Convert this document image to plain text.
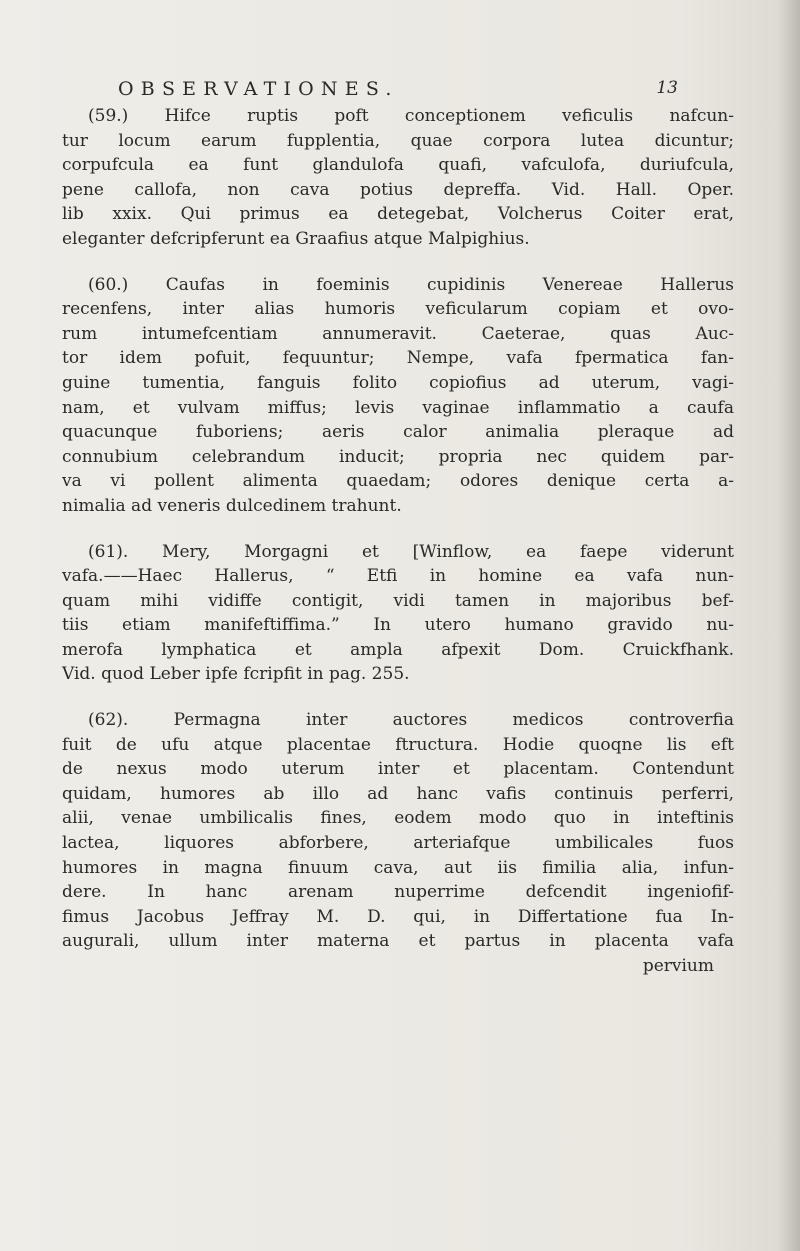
OBSERVATIONES.	13

(59.) Hifce ruptis poft conceptionem veficulis nafcun-
tur locum earum fupplentia, quae corpora lutea dicuntur;
corpufcula ea funt glandulofa quafi, vafculofa, duriufcula,
pene callofa, non cava potius depreffa. Vid. Hall. Oper.
lib xxix. Qui primus ea detegebat, Volcherus Coiter erat,
eleganter defcripferunt ea Graafius atque Malpighius.

(60.) Caufas in foeminis cupidinis Venereae Hallerus
recenfens, inter alias humoris veficularum copiam et ovo-
rum intumefcentiam annumeravit. Caeterae, quas Auc-
tor idem pofuit, fequuntur; Nempe, vafa fpermatica fan-
guine tumentia, fanguis folito copiofius ad uterum, vagi-
nam, et vulvam miffus; levis vaginae inflammatio a caufa
quacunque fuboriens; aeris calor animalia pleraque ad
connubium celebrandum inducit; propria nec quidem par-
va vi pollent alimenta quaedam; odores denique certa a-
nimalia ad veneris dulcedinem trahunt.

(61). Mery, Morgagni et [Winflow, ea faepe viderunt
vafa.——Haec Hallerus, “ Etfi in homine ea vafa nun-
quam mihi vidiffe contigit, vidi tamen in majoribus bef-
tiis etiam manifeftiffima.” In utero humano gravido nu-
merofa lymphatica et ampla afpexit Dom. Cruickfhank.
Vid. quod Leber ipfe fcripfit in pag. 255.

(62). Permagna inter auctores medicos controverfia
fuit de ufu atque placentae ftructura. Hodie quoqne lis eft
de nexus modo uterum inter et placentam. Contendunt
quidam, humores ab illo ad hanc vafis continuis perferri,
alii, venae umbilicalis fines, eodem modo quo in inteftinis
lactea, liquores abforbere, arteriafque umbilicales fuos
humores in magna finuum cava, aut iis fimilia alia, infun-
dere. In hanc arenam nuperrime defcendit ingeniofif-
fimus Jacobus Jeffray M. D. qui, in Differtatione fua In-
augurali, ullum inter materna et partus in placenta vafa
pervium
